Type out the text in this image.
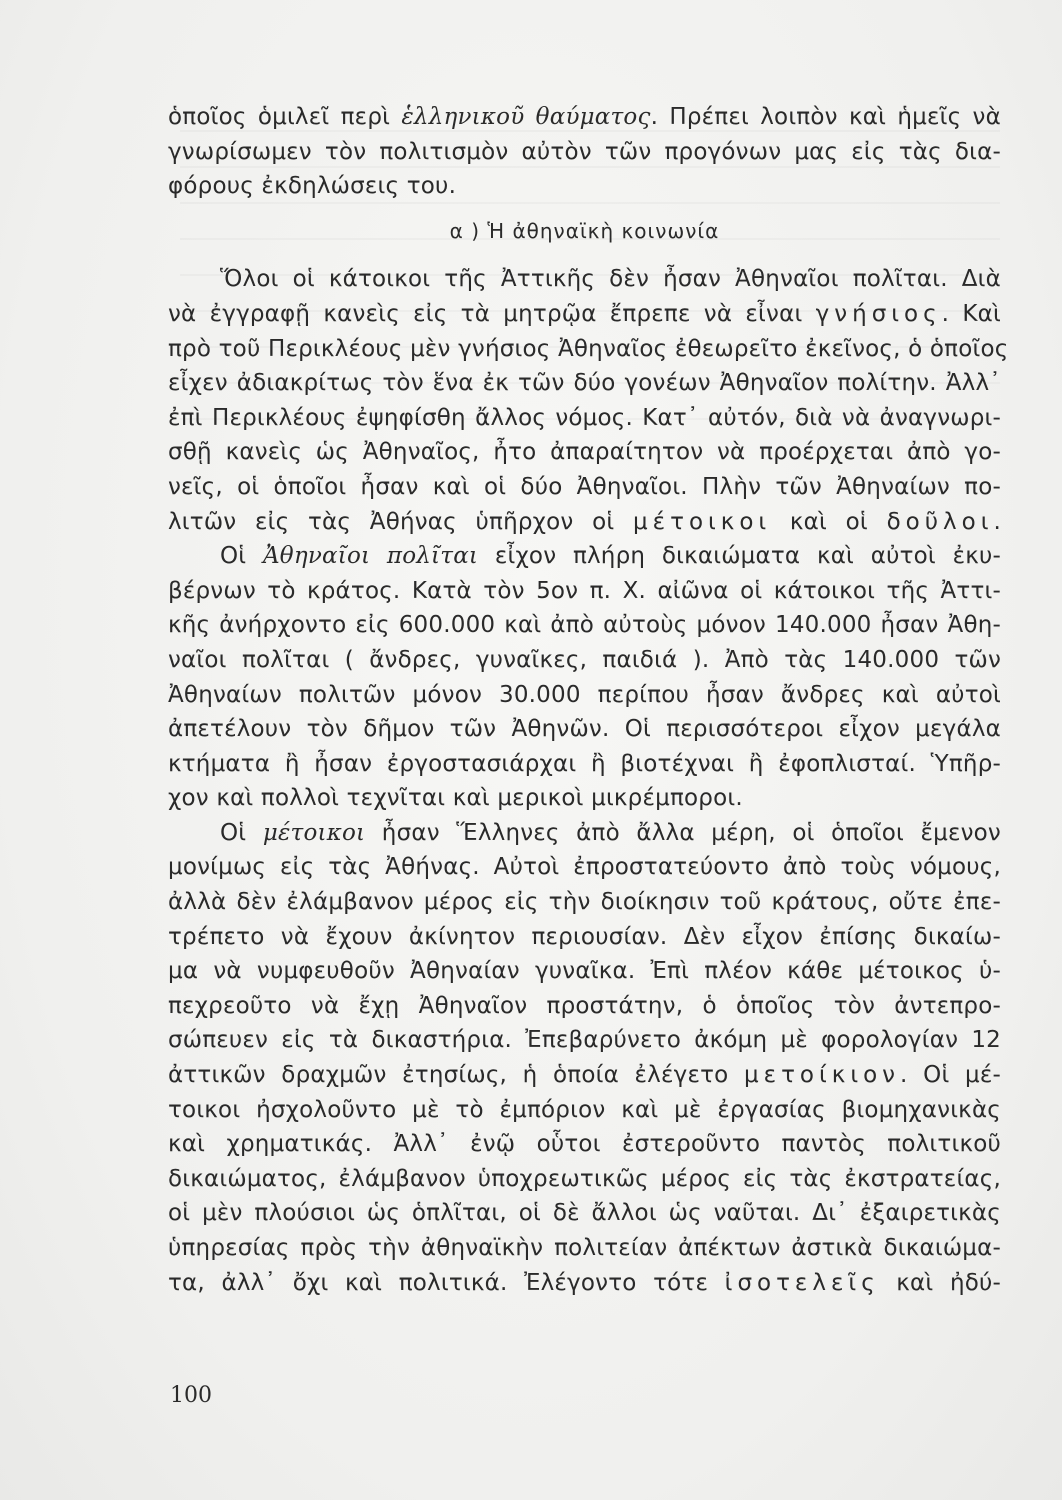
ὁποῖος ὁμιλεῖ περὶ ἑλληνικοῦ θαύματος. Πρέπει λοιπὸν καὶ ἡμεῖς νὰ
γνωρίσωμεν τὸν πολιτισμὸν αὐτὸν τῶν προγόνων μας εἰς τὰς δια-
φόρους ἐκδηλώσεις του.
α ) Ἡ ἀθηναϊκὴ κοινωνία
Ὅλοι οἱ κάτοικοι τῆς Ἀττικῆς δὲν ἦσαν Ἀθηναῖοι πολῖται. Διὰ
νὰ ἐγγραφῇ κανεὶς εἰς τὰ μητρῷα ἔπρεπε νὰ εἶναι γνήσιος. Καὶ
πρὸ τοῦ Περικλέους μὲν γνήσιος Ἀθηναῖος ἐθεωρεῖτο ἐκεῖνος, ὁ ὁποῖος
εἶχεν ἀδιακρίτως τὸν ἕνα ἐκ τῶν δύο γονέων Ἀθηναῖον πολίτην. Ἀλλ᾽
ἐπὶ Περικλέους ἐψηφίσθη ἄλλος νόμος. Κατ᾽ αὐτόν, διὰ νὰ ἀναγνωρι-
σθῇ κανεὶς ὡς Ἀθηναῖος, ἦτο ἀπαραίτητον νὰ προέρχεται ἀπὸ γο-
νεῖς, οἱ ὁποῖοι ἦσαν καὶ οἱ δύο Ἀθηναῖοι. Πλὴν τῶν Ἀθηναίων πο-
λιτῶν εἰς τὰς Ἀθήνας ὑπῆρχον οἱ μέτοικοι καὶ οἱ δοῦλοι.
Οἱ Ἀθηναῖοι πολῖται εἶχον πλήρη δικαιώματα καὶ αὐτοὶ ἐκυ-
βέρνων τὸ κράτος. Κατὰ τὸν 5ον π. Χ. αἰῶνα οἱ κάτοικοι τῆς Ἀττι-
κῆς ἀνήρχοντο εἰς 600.000 καὶ ἀπὸ αὐτοὺς μόνον 140.000 ἦσαν Ἀθη-
ναῖοι πολῖται ( ἄνδρες, γυναῖκες, παιδιά ). Ἀπὸ τὰς 140.000 τῶν
Ἀθηναίων πολιτῶν μόνον 30.000 περίπου ἦσαν ἄνδρες καὶ αὐτοὶ
ἀπετέλουν τὸν δῆμον τῶν Ἀθηνῶν. Οἱ περισσότεροι εἶχον μεγάλα
κτήματα ἢ ἦσαν ἐργοστασιάρχαι ἢ βιοτέχναι ἢ ἐφοπλισταί. Ὑπῆρ-
χον καὶ πολλοὶ τεχνῖται καὶ μερικοὶ μικρέμποροι.
Οἱ μέτοικοι ἦσαν Ἕλληνες ἀπὸ ἄλλα μέρη, οἱ ὁποῖοι ἔμενον
μονίμως εἰς τὰς Ἀθήνας. Αὐτοὶ ἐπροστατεύοντο ἀπὸ τοὺς νόμους,
ἀλλὰ δὲν ἐλάμβανον μέρος εἰς τὴν διοίκησιν τοῦ κράτους, οὔτε ἐπε-
τρέπετο νὰ ἔχουν ἀκίνητον περιουσίαν. Δὲν εἶχον ἐπίσης δικαίω-
μα νὰ νυμφευθοῦν Ἀθηναίαν γυναῖκα. Ἐπὶ πλέον κάθε μέτοικος ὑ-
πεχρεοῦτο νὰ ἔχῃ Ἀθηναῖον προστάτην, ὁ ὁποῖος τὸν ἀντεπρο-
σώπευεν εἰς τὰ δικαστήρια. Ἐπεβαρύνετο ἀκόμη μὲ φορολογίαν 12
ἀττικῶν δραχμῶν ἐτησίως, ἡ ὁποία ἐλέγετο μετοίκιον. Οἱ μέ-
τοικοι ἠσχολοῦντο μὲ τὸ ἐμπόριον καὶ μὲ ἐργασίας βιομηχανικὰς
καὶ χρηματικάς. Ἀλλ᾽ ἐνῷ οὗτοι ἐστεροῦντο παντὸς πολιτικοῦ
δικαιώματος, ἐλάμβανον ὑποχρεωτικῶς μέρος εἰς τὰς ἐκστρατείας,
οἱ μὲν πλούσιοι ὡς ὁπλῖται, οἱ δὲ ἄλλοι ὡς ναῦται. Δι᾽ ἐξαιρετικὰς
ὑπηρεσίας πρὸς τὴν ἀθηναϊκὴν πολιτείαν ἀπέκτων ἀστικὰ δικαιώμα-
τα, ἀλλ᾽ ὄχι καὶ πολιτικά. Ἐλέγοντο τότε ἰσοτελεῖς καὶ ἠδύ-
100
